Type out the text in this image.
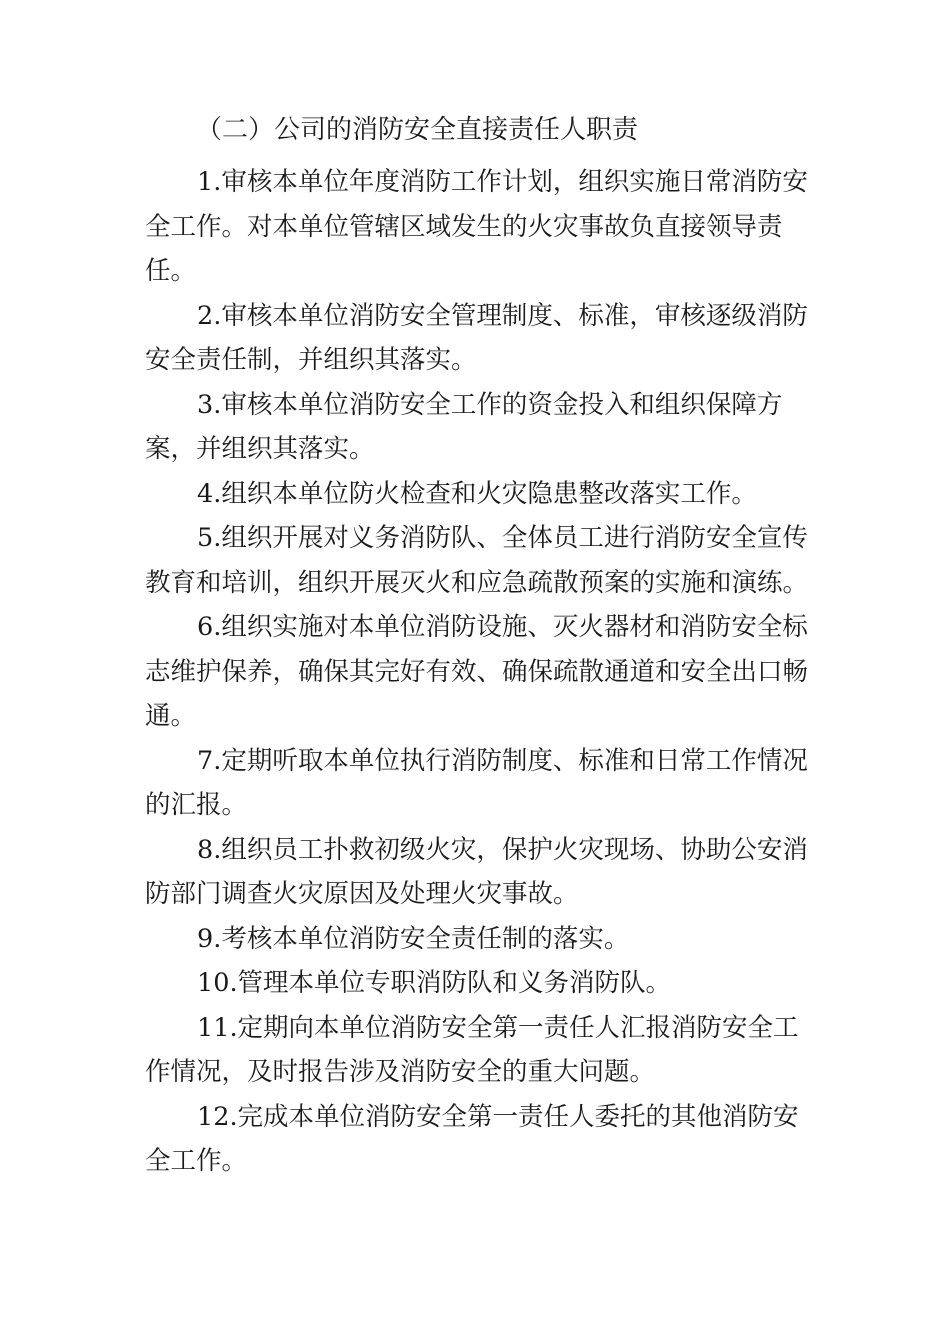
（二）公司的消防安全直接责任人职责

1.审核本单位年度消防工作计划，组织实施日常消防安
全工作。对本单位管辖区域发生的火灾事故负直接领导责
任。

2.审核本单位消防安全管理制度、标准，审核逐级消防
安全责任制，并组织其落实。

3.审核本单位消防安全工作的资金投入和组织保障方
案，并组织其落实。

4.组织本单位防火检查和火灾隐患整改落实工作。

5.组织开展对义务消防队、全体员工进行消防安全宣传
教育和培训，组织开展灭火和应急疏散预案的实施和演练。

6.组织实施对本单位消防设施、灭火器材和消防安全标
志维护保养，确保其完好有效、确保疏散通道和安全出口畅
通。

7.定期听取本单位执行消防制度、标准和日常工作情况
的汇报。

8.组织员工扑救初级火灾，保护火灾现场、协助公安消
防部门调查火灾原因及处理火灾事故。

9.考核本单位消防安全责任制的落实。

10.管理本单位专职消防队和义务消防队。

11.定期向本单位消防安全第一责任人汇报消防安全工
作情况，及时报告涉及消防安全的重大问题。

12.完成本单位消防安全第一责任人委托的其他消防安
全工作。
